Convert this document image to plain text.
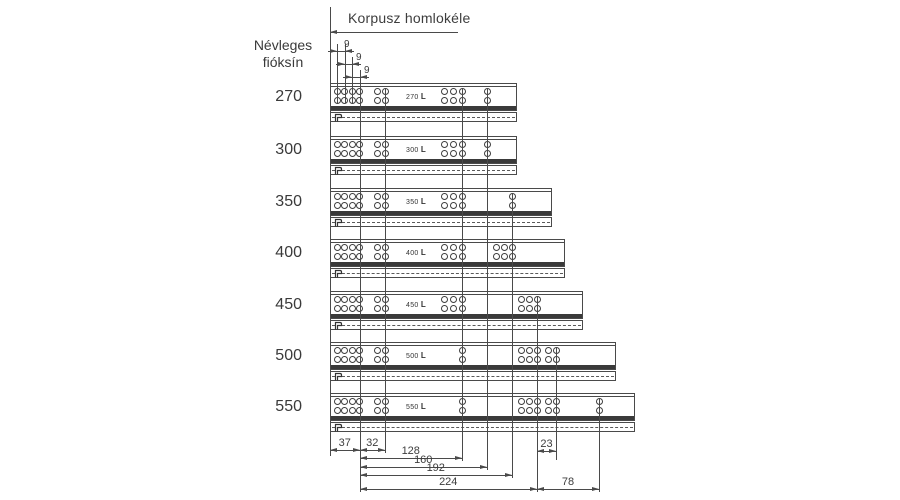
Korpusz homlokéle
Névleges
fióksín
270 L
270
300 L
300
350 L
350
400 L
400
450 L
450
500 L
500
550 L
550
9
9
9
37	32	23
128
160
192
224	78
